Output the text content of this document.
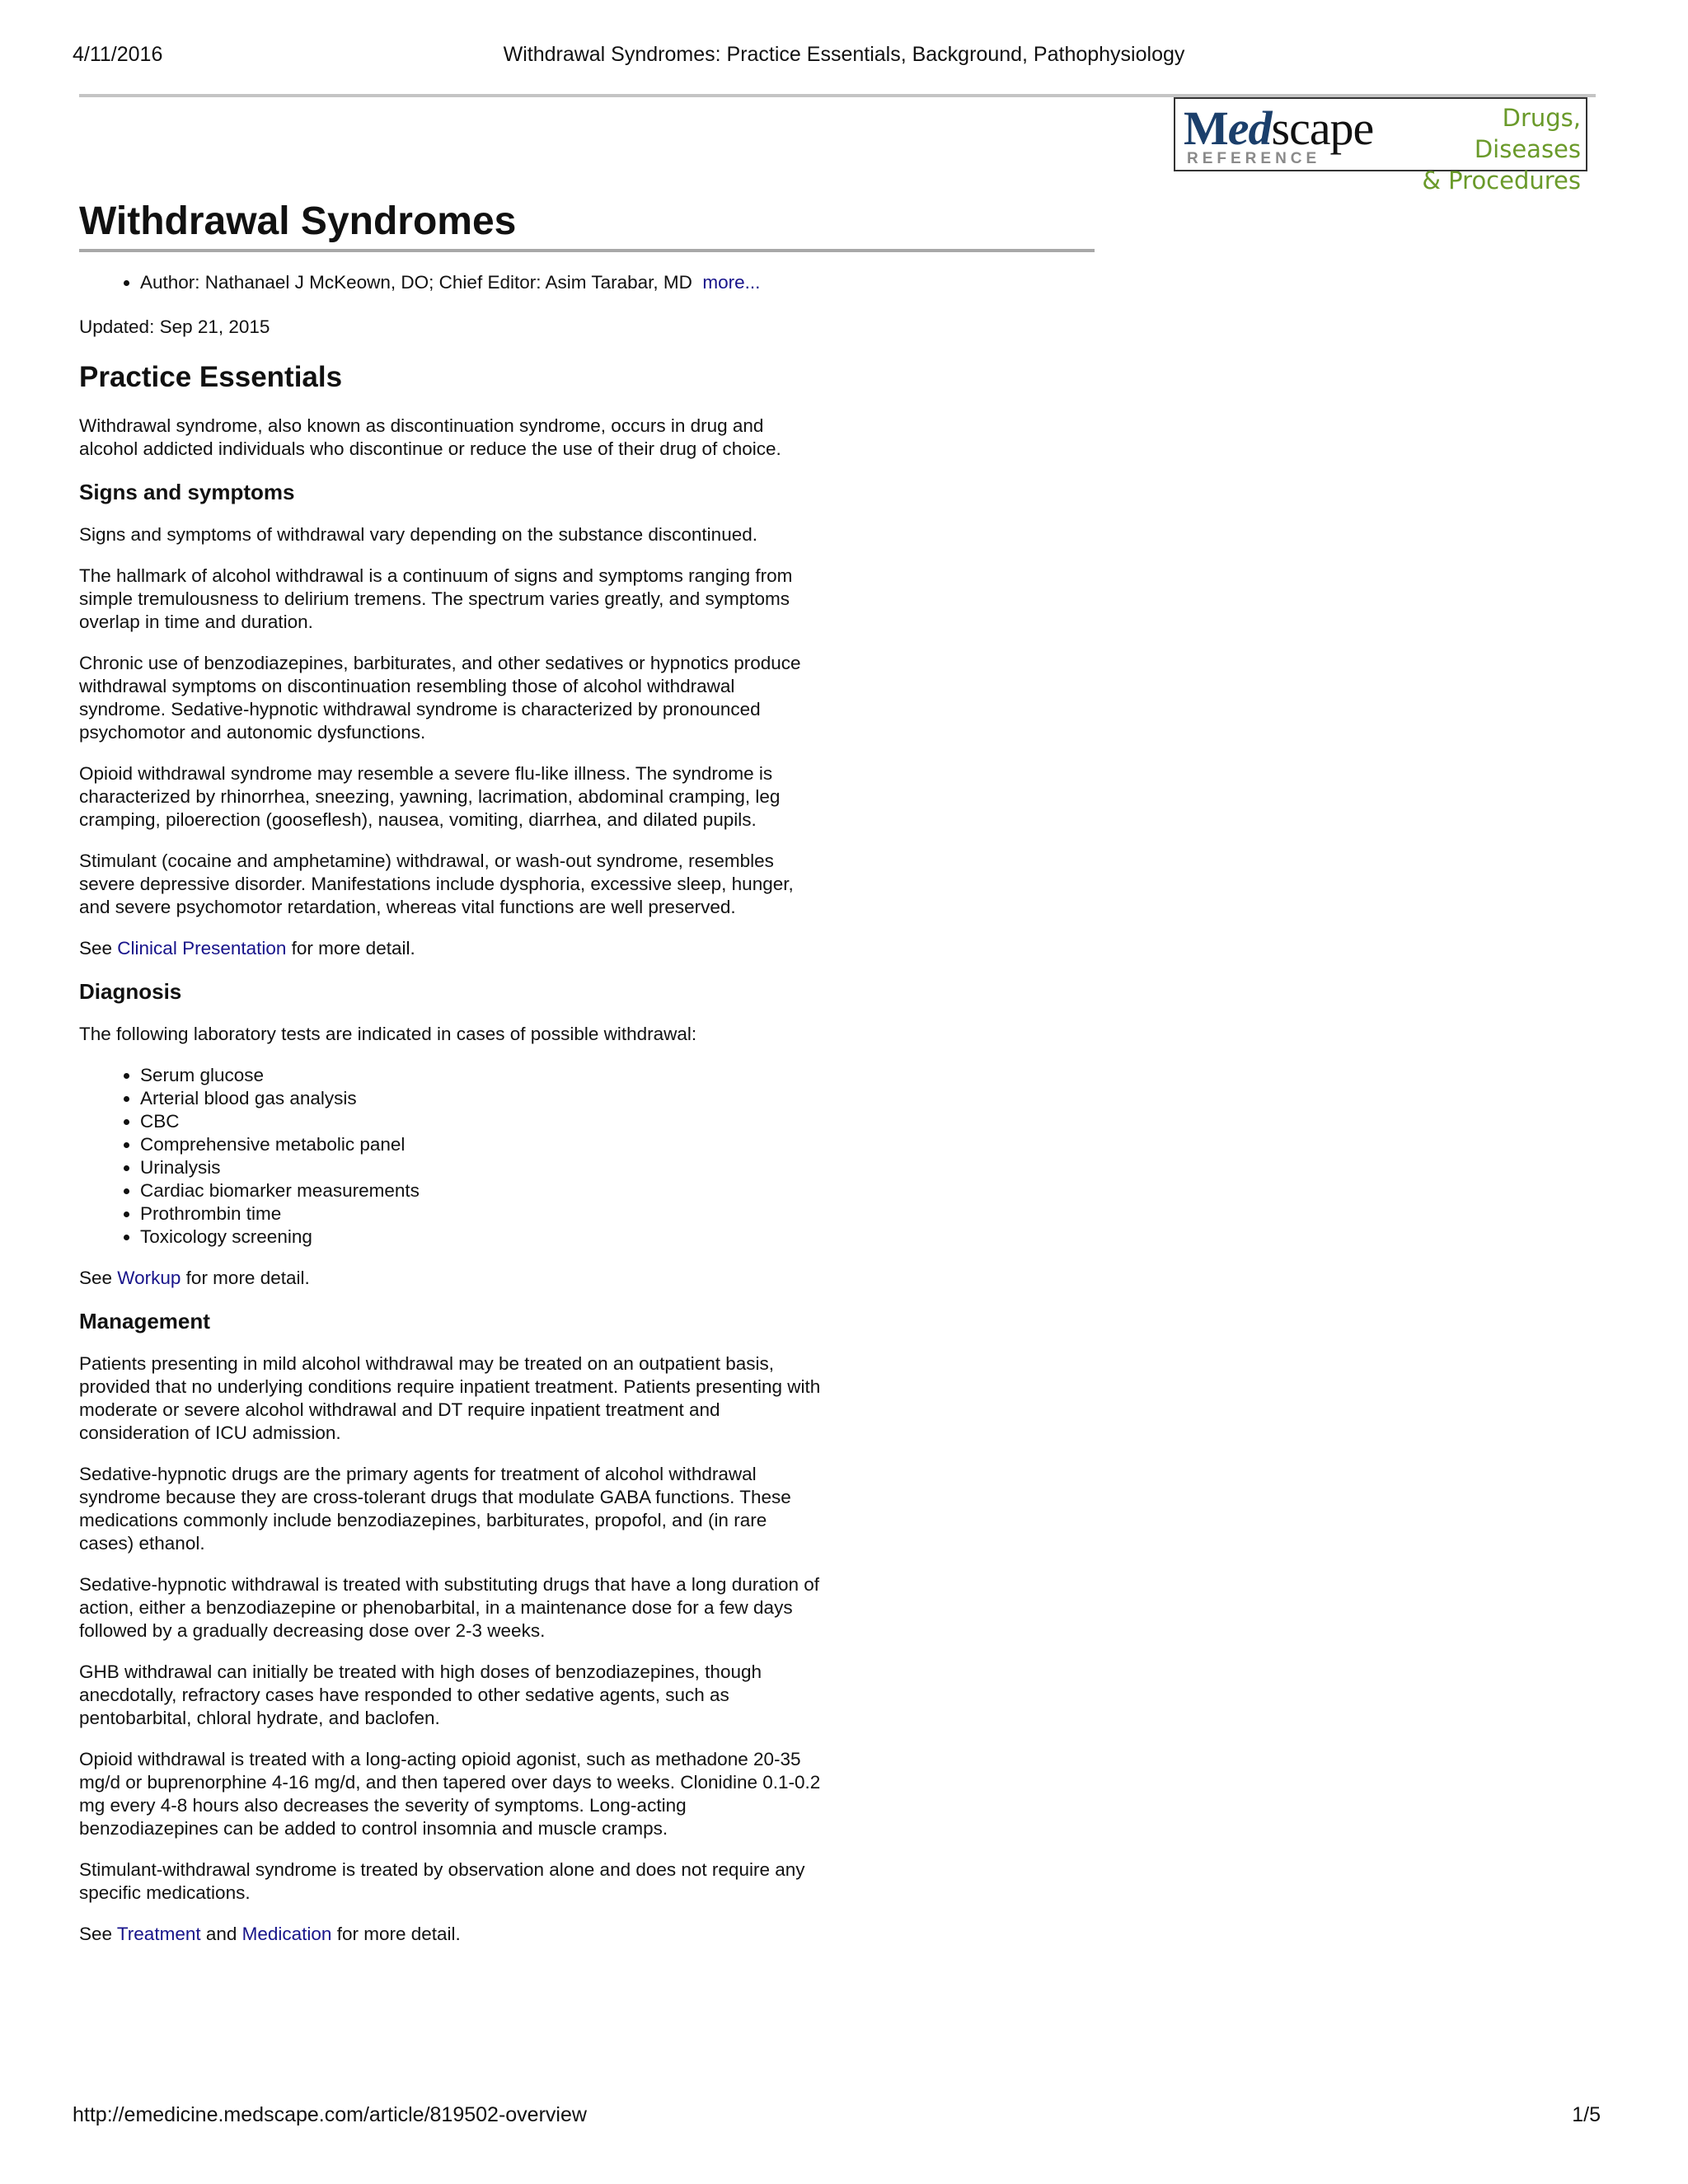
4/11/2016	Withdrawal Syndromes: Practice Essentials, Background, Pathophysiology
Medscape
REFERENCE
Drugs, Diseases
& Procedures
Withdrawal Syndromes
• Author: Nathanael J McKeown, DO; Chief Editor: Asim Tarabar, MD more...

Updated: Sep 21, 2015

Practice Essentials

Withdrawal syndrome, also known as discontinuation syndrome, occurs in drug and alcohol addicted individuals who discontinue or reduce the use of their drug of choice.

Signs and symptoms

Signs and symptoms of withdrawal vary depending on the substance discontinued.

The hallmark of alcohol withdrawal is a continuum of signs and symptoms ranging from simple tremulousness to delirium tremens. The spectrum varies greatly, and symptoms overlap in time and duration.

Chronic use of benzodiazepines, barbiturates, and other sedatives or hypnotics produce withdrawal symptoms on discontinuation resembling those of alcohol withdrawal syndrome. Sedative-hypnotic withdrawal syndrome is characterized by pronounced psychomotor and autonomic dysfunctions.

Opioid withdrawal syndrome may resemble a severe flu-like illness. The syndrome is characterized by rhinorrhea, sneezing, yawning, lacrimation, abdominal cramping, leg cramping, piloerection (gooseflesh), nausea, vomiting, diarrhea, and dilated pupils.

Stimulant (cocaine and amphetamine) withdrawal, or wash-out syndrome, resembles severe depressive disorder. Manifestations include dysphoria, excessive sleep, hunger, and severe psychomotor retardation, whereas vital functions are well preserved.

See Clinical Presentation for more detail.

Diagnosis

The following laboratory tests are indicated in cases of possible withdrawal:

• Serum glucose
• Arterial blood gas analysis
• CBC
• Comprehensive metabolic panel
• Urinalysis
• Cardiac biomarker measurements
• Prothrombin time
• Toxicology screening

See Workup for more detail.

Management

Patients presenting in mild alcohol withdrawal may be treated on an outpatient basis, provided that no underlying conditions require inpatient treatment. Patients presenting with moderate or severe alcohol withdrawal and DT require inpatient treatment and consideration of ICU admission.

Sedative-hypnotic drugs are the primary agents for treatment of alcohol withdrawal syndrome because they are cross-tolerant drugs that modulate GABA functions. These medications commonly include benzodiazepines, barbiturates, propofol, and (in rare cases) ethanol.

Sedative-hypnotic withdrawal is treated with substituting drugs that have a long duration of action, either a benzodiazepine or phenobarbital, in a maintenance dose for a few days followed by a gradually decreasing dose over 2-3 weeks.

GHB withdrawal can initially be treated with high doses of benzodiazepines, though anecdotally, refractory cases have responded to other sedative agents, such as pentobarbital, chloral hydrate, and baclofen.

Opioid withdrawal is treated with a long-acting opioid agonist, such as methadone 20-35 mg/d or buprenorphine 4-16 mg/d, and then tapered over days to weeks. Clonidine 0.1-0.2 mg every 4-8 hours also decreases the severity of symptoms. Long-acting benzodiazepines can be added to control insomnia and muscle cramps.

Stimulant-withdrawal syndrome is treated by observation alone and does not require any specific medications.

See Treatment and Medication for more detail.

http://emedicine.medscape.com/article/819502-overview	1/5
